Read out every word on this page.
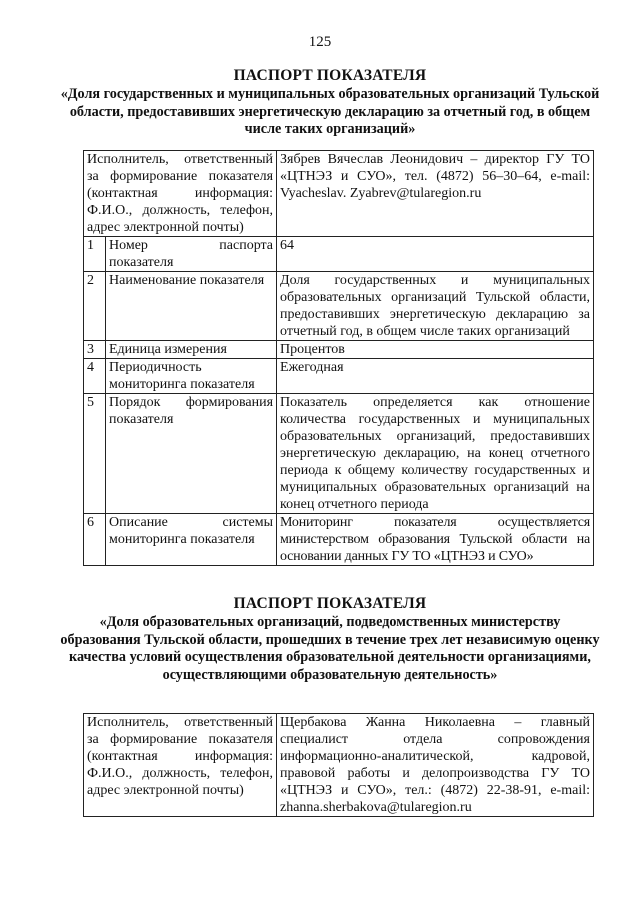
125
ПАСПОРТ ПОКАЗАТЕЛЯ
«Доля государственных и муниципальных образовательных организаций Тульской области, предоставивших энергетическую декларацию за отчетный год, в общем числе таких организаций»
Исполнитель, ответственный за формирование показателя (контактная информация: Ф.И.О., должность, телефон, адрес электронной почты)		Зябрев Вячеслав Леонидович – директор ГУ ТО «ЦТНЭЗ и СУО», тел. (4872) 56–30–64, e-mail: Vyacheslav. Zyabrev@tularegion.ru
1	Номер паспорта показателя	64
2	Наименование показателя	Доля государственных и муниципальных образовательных организаций Тульской области, предоставивших энергетическую декларацию за отчетный год, в общем числе таких организаций
3	Единица измерения	Процентов
4	Периодичность мониторинга показателя	Ежегодная
5	Порядок формирования показателя	Показатель определяется как отношение количества государственных и муниципальных образовательных организаций, предоставивших энергетическую декларацию, на конец отчетного периода к общему количеству государственных и муниципальных образовательных организаций на конец отчетного периода
6	Описание системы мониторинга показателя	Мониторинг показателя осуществляется министерством образования Тульской области на основании данных ГУ ТО «ЦТНЭЗ и СУО»
ПАСПОРТ ПОКАЗАТЕЛЯ
«Доля образовательных организаций, подведомственных министерству образования Тульской области, прошедших в течение трех лет независимую оценку качества условий осуществления образовательной деятельности организациями, осуществляющими образовательную деятельность»
Исполнитель, ответственный за формирование показателя (контактная информация: Ф.И.О., должность, телефон, адрес электронной почты)	Щербакова Жанна Николаевна – главный специалист отдела сопровождения информационно-аналитической, кадровой, правовой работы и делопроизводства ГУ ТО «ЦТНЭЗ и СУО», тел.: (4872) 22-38-91, e-mail: zhanna.sherbakova@tularegion.ru
